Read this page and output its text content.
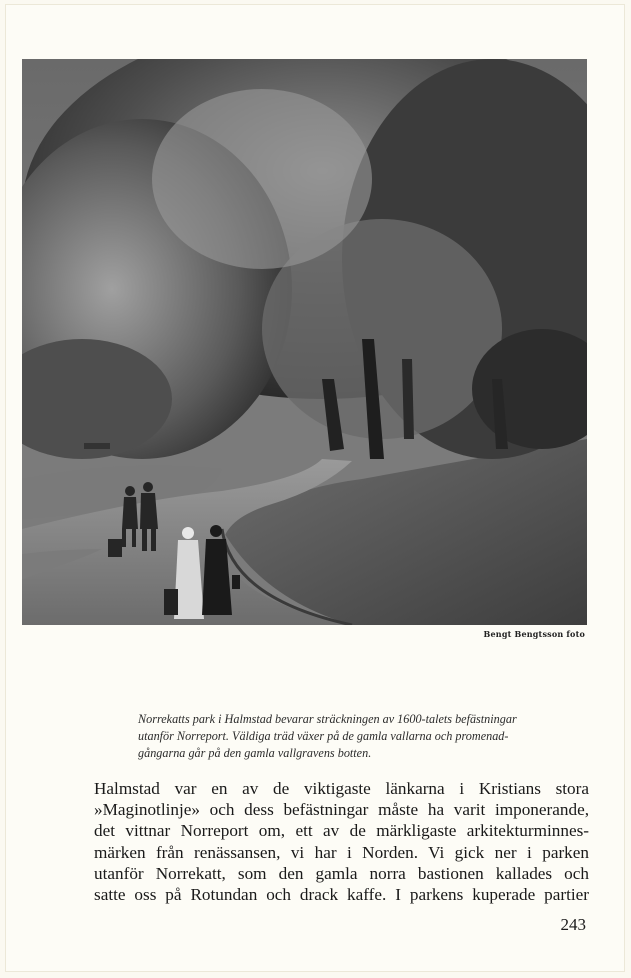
Bengt Bengtsson foto

Norrekatts park i Halmstad bevarar sträckningen av 1600-talets befästningar
utanför Norreport. Väldiga träd växer på de gamla vallarna och promenad-
gångarna går på den gamla vallgravens botten.

Halmstad var en av de viktigaste länkarna i Kristians stora
»Maginotlinje» och dess befästningar måste ha varit imponerande,
det vittnar Norreport om, ett av de märkligaste arkitekturminnes-
märken från renässansen, vi har i Norden. Vi gick ner i parken
utanför Norrekatt, som den gamla norra bastionen kallades och
satte oss på Rotundan och drack kaffe. I parkens kuperade partier

243
